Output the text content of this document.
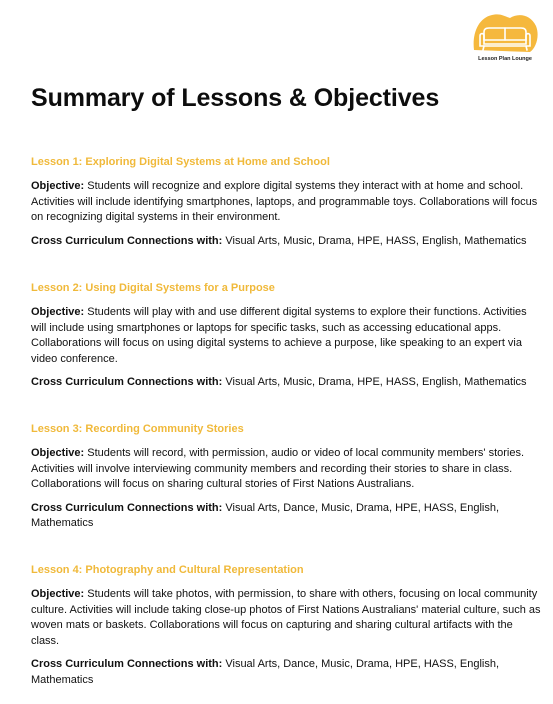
Lesson Plan Lounge
Summary of Lessons & Objectives

Lesson 1: Exploring Digital Systems at Home and School

Objective: Students will recognize and explore digital systems they interact with at home and school. Activities will include identifying smartphones, laptops, and programmable toys. Collaborations will focus on recognizing digital systems in their environment.

Cross Curriculum Connections with: Visual Arts, Music, Drama, HPE, HASS, English, Mathematics

Lesson 2: Using Digital Systems for a Purpose

Objective: Students will play with and use different digital systems to explore their functions. Activities will include using smartphones or laptops for specific tasks, such as accessing educational apps. Collaborations will focus on using digital systems to achieve a purpose, like speaking to an expert via video conference.

Cross Curriculum Connections with: Visual Arts, Music, Drama, HPE, HASS, English, Mathematics

Lesson 3: Recording Community Stories

Objective: Students will record, with permission, audio or video of local community members' stories. Activities will involve interviewing community members and recording their stories to share in class. Collaborations will focus on sharing cultural stories of First Nations Australians.

Cross Curriculum Connections with: Visual Arts, Dance, Music, Drama, HPE, HASS, English, Mathematics

Lesson 4: Photography and Cultural Representation

Objective: Students will take photos, with permission, to share with others, focusing on local community culture. Activities will include taking close-up photos of First Nations Australians' material culture, such as woven mats or baskets. Collaborations will focus on capturing and sharing cultural artifacts with the class.

Cross Curriculum Connections with: Visual Arts, Dance, Music, Drama, HPE, HASS, English, Mathematics
